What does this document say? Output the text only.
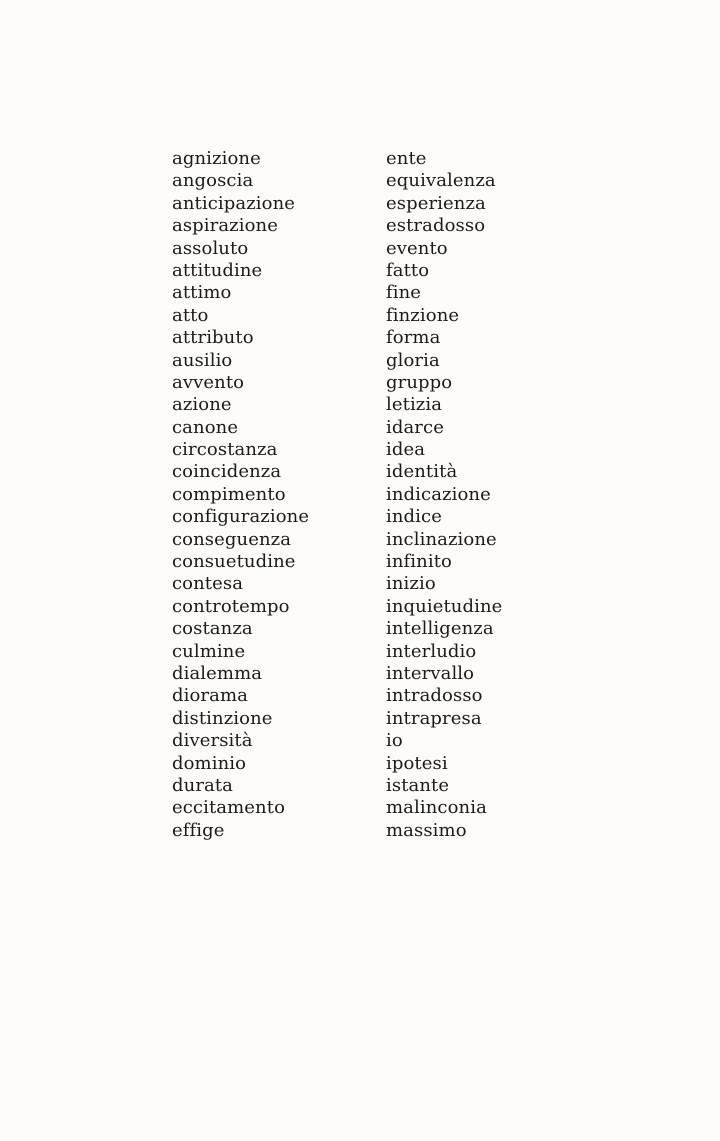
agnizione
angoscia
anticipazione
aspirazione
assoluto
attitudine
attimo
atto
attributo
ausilio
avvento
azione
canone
circostanza
coincidenza
compimento
configurazione
conseguenza
consuetudine
contesa
controtempo
costanza
culmine
dialemma
diorama
distinzione
diversità
dominio
durata
eccitamento
effige
ente
equivalenza
esperienza
estradosso
evento
fatto
fine
finzione
forma
gloria
gruppo
letizia
idarce
idea
identità
indicazione
indice
inclinazione
infinito
inizio
inquietudine
intelligenza
interludio
intervallo
intradosso
intrapresa
io
ipotesi
istante
malinconia
massimo
